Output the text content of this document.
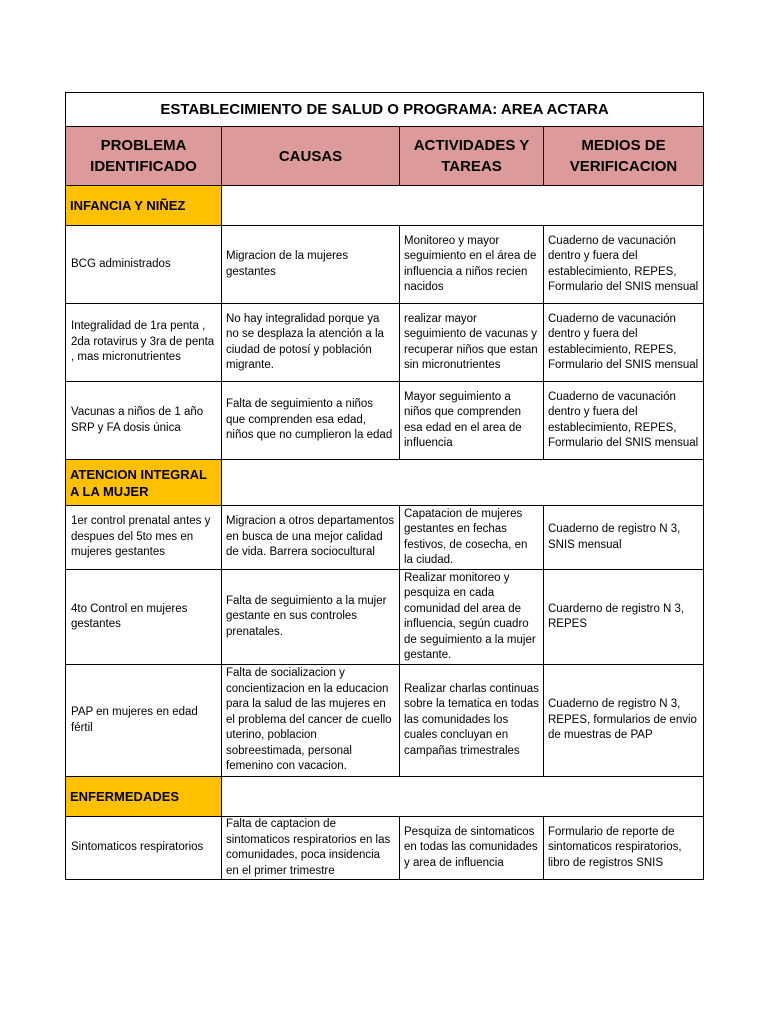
ESTABLECIMIENTO DE SALUD O PROGRAMA: AREA ACTARA			
PROBLEMA IDENTIFICADO	CAUSAS	ACTIVIDADES Y TAREAS	MEDIOS DE VERIFICACION
INFANCIA Y NIÑEZ			
BCG administrados	Migracion de la mujeres gestantes	Monitoreo y mayor seguimiento en el área de influencia a niños recien nacidos	Cuaderno de vacunación dentro y fuera del establecimiento, REPES, Formulario del SNIS mensual
Integralidad de 1ra penta , 2da rotavirus y 3ra de penta , mas micronutrientes	No hay integralidad porque ya no se desplaza la atención a la ciudad de potosí y población migrante.	realizar mayor seguimiento de vacunas y recuperar niños que estan sin micronutrientes	Cuaderno de vacunación dentro y fuera del establecimiento, REPES, Formulario del SNIS mensual
Vacunas a niños de 1 año SRP y FA dosis única	Falta de seguimiento a niños que comprenden esa edad, niños que no cumplieron la edad	Mayor seguimiento a niños que comprenden esa edad en el area de influencia	Cuaderno de vacunación dentro y fuera del establecimiento, REPES, Formulario del SNIS mensual
ATENCION INTEGRAL A LA MUJER			
1er control prenatal antes y despues del 5to mes en mujeres gestantes	Migracion a otros departamentos en busca de una mejor calidad de vida. Barrera sociocultural	Capatacion de mujeres gestantes en fechas festivos, de cosecha, en la ciudad.	Cuaderno de registro N 3, SNIS mensual
4to Control en mujeres gestantes	Falta de seguimiento a la mujer gestante en sus controles prenatales.	Realizar monitoreo y pesquiza en cada comunidad del area de influencia, según cuadro de seguimiento a la mujer gestante.	Cuarderno de registro N 3, REPES
PAP en mujeres en edad fértil	Falta de socializacion y concientizacion en la educacion para la salud de las mujeres en el problema del cancer de cuello uterino, poblacion sobreestimada, personal femenino con vacacion.	Realizar charlas continuas sobre la tematica en todas las comunidades los cuales concluyan en campañas trimestrales	Cuaderno de registro N 3, REPES, formularios de envio de muestras de PAP
ENFERMEDADES			
Sintomaticos respiratorios	Falta de captacion de sintomaticos respiratorios en las comunidades, poca insidencia en el primer trimestre	Pesquiza de sintomaticos en todas las comunidades y area de influencia	Formulario de reporte de sintomaticos respiratorios, libro de registros SNIS
